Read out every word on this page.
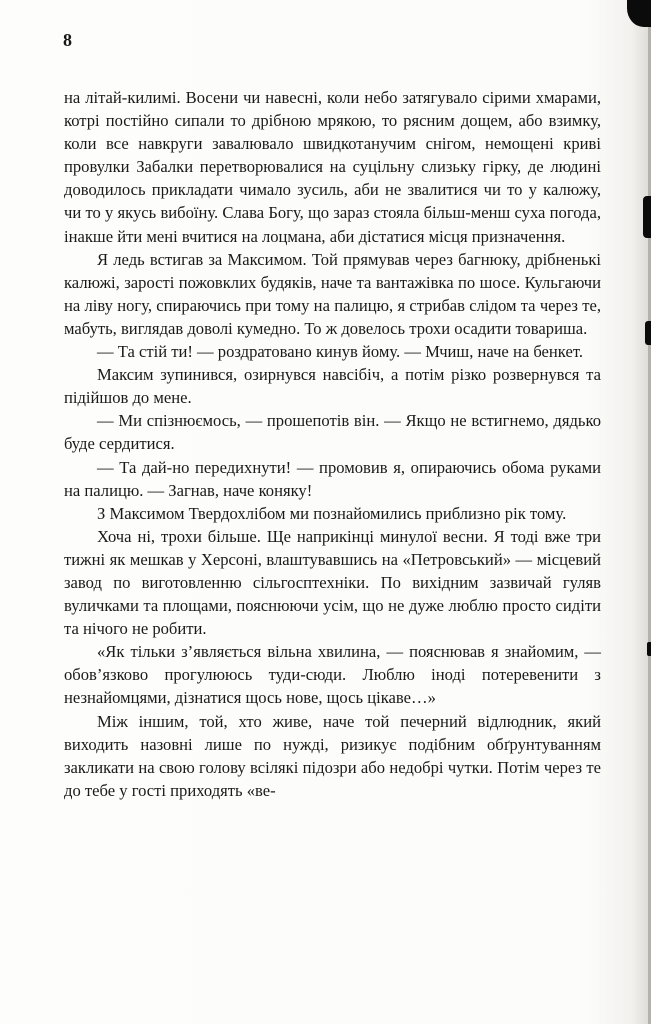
8

на літай-килимі. Восени чи навесні, коли небо затягувало сірими хмарами, котрі постійно сипали то дрібною мрякою, то рясним дощем, або взимку, коли все навкруги завалювало швидкотанучим снігом, немощені криві провулки Забалки перетворювалися на суцільну слизьку гірку, де людині доводилось прикладати чимало зусиль, аби не звалитися чи то у калюжу, чи то у якусь вибоїну. Слава Богу, що зараз стояла більш-менш суха погода, інакше йти мені вчитися на лоцмана, аби дістатися місця призначення.

Я ледь встигав за Максимом. Той прямував через багнюку, дрібненькі калюжі, зарості пожовклих будяків, наче та вантажівка по шосе. Кульгаючи на ліву ногу, спираючись при тому на палицю, я стрибав слідом та через те, мабуть, виглядав доволі кумедно. То ж довелось трохи осадити товариша.

— Та стій ти! — роздратовано кинув йому. — Мчиш, наче на бенкет.

Максим зупинився, озирнувся навсібіч, а потім різко розвернувся та підійшов до мене.

— Ми спізнюємось, — прошепотів він. — Якщо не встигнемо, дядько буде сердитися.

— Та дай-но передихнути! — промовив я, опираючись обома руками на палицю. — Загнав, наче коняку!

З Максимом Твердохлібом ми познайомились приблизно рік тому.

Хоча ні, трохи більше. Ще наприкінці минулої весни. Я тоді вже три тижні як мешкав у Херсоні, влаштувавшись на «Петровський» — місцевий завод по виготовленню сільгосптехніки. По вихідним зазвичай гуляв вуличками та площами, пояснюючи усім, що не дуже люблю просто сидіти та нічого не робити.

«Як тільки з’являється вільна хвилина, — пояснював я знайомим, — обов’язково прогулююсь туди-сюди. Люблю іноді потеревенити з незнайомцями, дізнатися щось нове, щось цікаве…»

Між іншим, той, хто живе, наче той печерний відлюдник, який виходить назовні лише по нужді, ризикує подібним обґрунтуванням закликати на свою голову всілякі підозри або недобрі чутки. Потім через те до тебе у гості приходять «ве-
